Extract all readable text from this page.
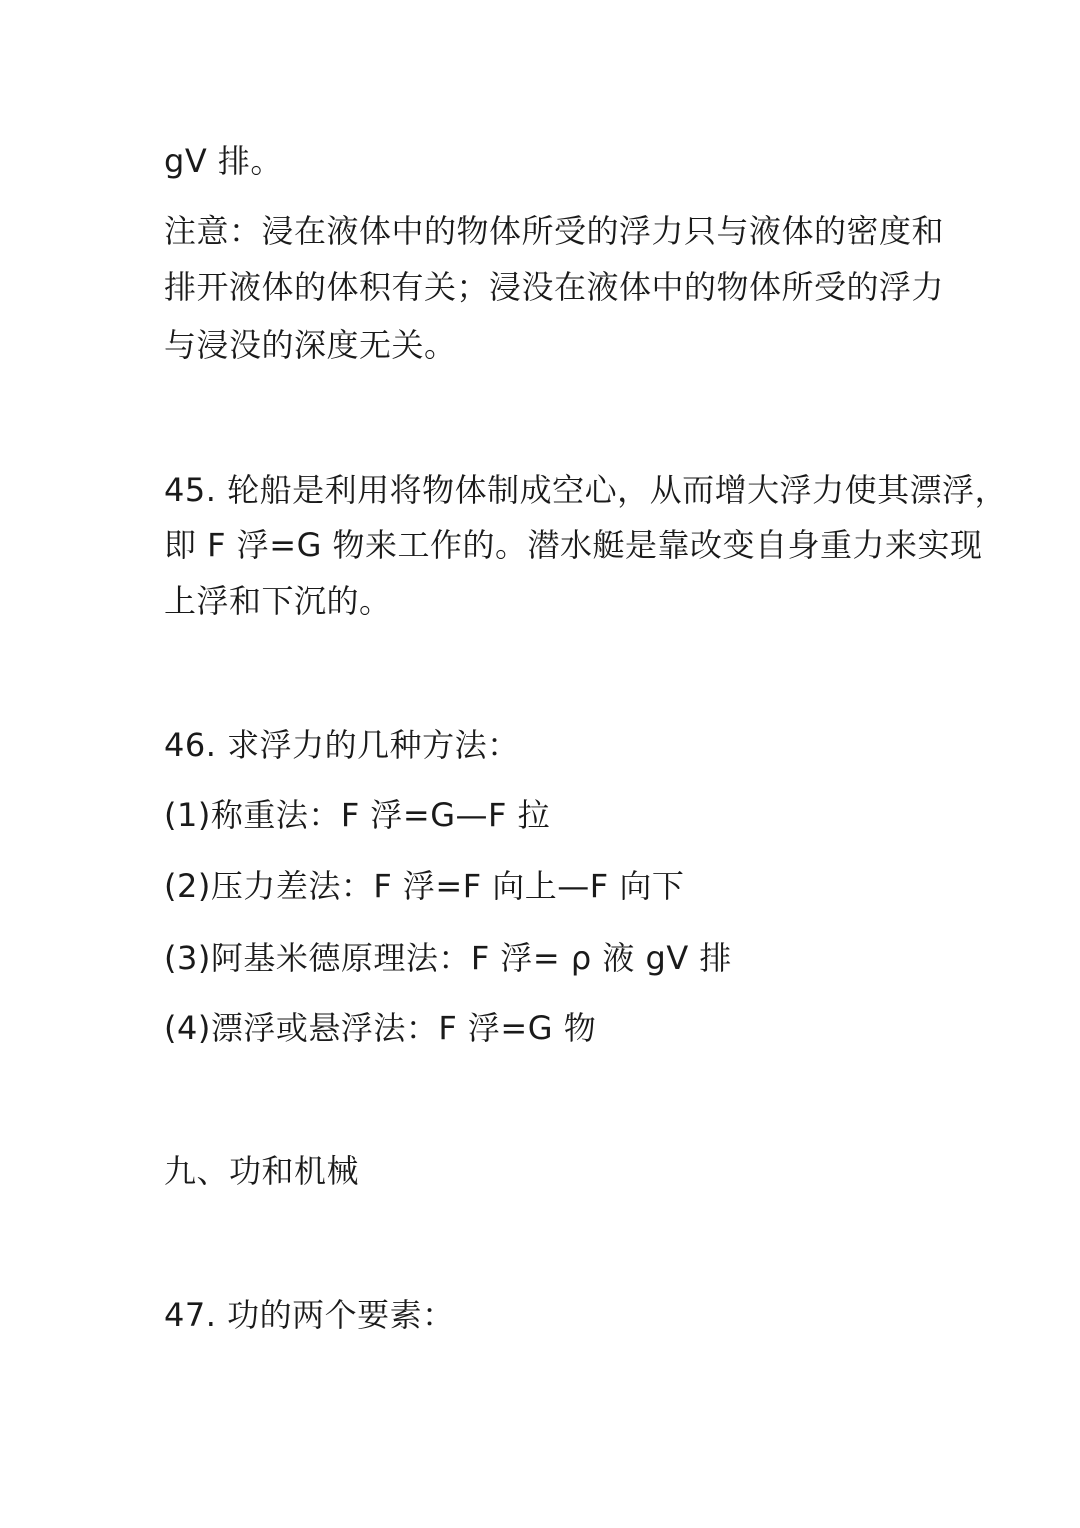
gV 排。
注意：浸在液体中的物体所受的浮力只与液体的密度和
排开液体的体积有关；浸没在液体中的物体所受的浮力
与浸没的深度无关。
45. 轮船是利用将物体制成空心，从而增大浮力使其漂浮，
即 F 浮=G 物来工作的。潜水艇是靠改变自身重力来实现
上浮和下沉的。
46. 求浮力的几种方法：
(1)称重法：F 浮=G—F 拉
(2)压力差法：F 浮=F 向上—F 向下
(3)阿基米德原理法：F 浮= ρ 液 gV 排
(4)漂浮或悬浮法：F 浮=G 物
九、功和机械
47. 功的两个要素：
